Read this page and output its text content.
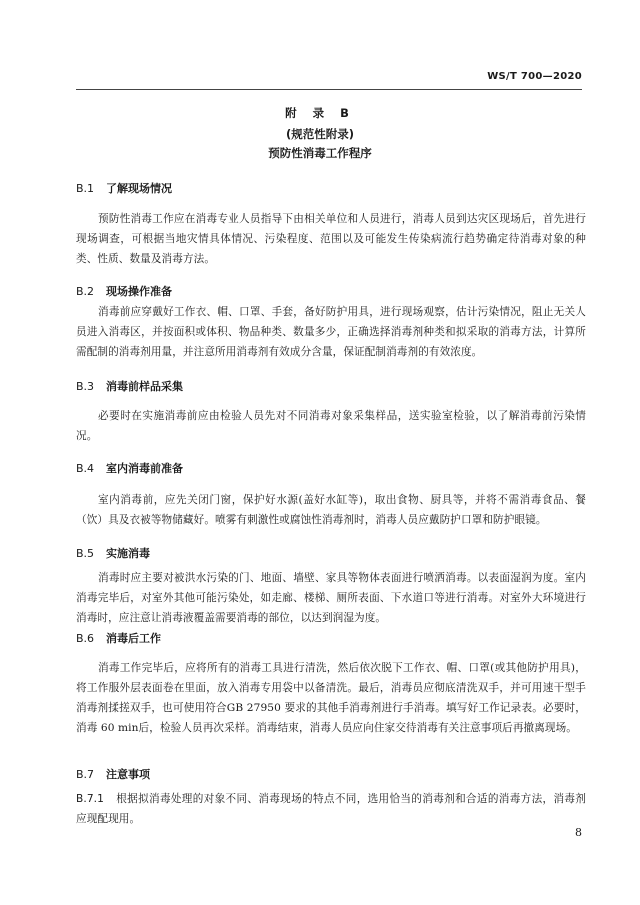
WS/T 700—2020
附 录 B
(规范性附录)
预防性消毒工作程序
B.1 了解现场情况
预防性消毒工作应在消毒专业人员指导下由相关单位和人员进行，消毒人员到达灾区现场后，首先进行现场调查，可根据当地灾情具体情况、污染程度、范围以及可能发生传染病流行趋势确定待消毒对象的种类、性质、数量及消毒方法。
B.2 现场操作准备
消毒前应穿戴好工作衣、帽、口罩、手套，备好防护用具，进行现场观察，估计污染情况，阻止无关人员进入消毒区，并按面积或体积、物品种类、数量多少，正确选择消毒剂种类和拟采取的消毒方法，计算所需配制的消毒剂用量，并注意所用消毒剂有效成分含量，保证配制消毒剂的有效浓度。
B.3 消毒前样品采集
必要时在实施消毒前应由检验人员先对不同消毒对象采集样品，送实验室检验，以了解消毒前污染情况。
B.4 室内消毒前准备
室内消毒前，应先关闭门窗，保护好水源(盖好水缸等)，取出食物、厨具等，并将不需消毒食品、餐（饮）具及衣被等物储藏好。喷雾有刺激性或腐蚀性消毒剂时，消毒人员应戴防护口罩和防护眼镜。
B.5 实施消毒
消毒时应主要对被洪水污染的门、地面、墙壁、家具等物体表面进行喷洒消毒。以表面湿润为度。室内消毒完毕后，对室外其他可能污染处，如走廊、楼梯、厕所表面、下水道口等进行消毒。对室外大环境进行消毒时，应注意让消毒液覆盖需要消毒的部位，以达到润湿为度。
B.6 消毒后工作
消毒工作完毕后，应将所有的消毒工具进行清洗，然后依次脱下工作衣、帽、口罩(或其他防护用具)，将工作服外层表面卷在里面，放入消毒专用袋中以备清洗。最后，消毒员应彻底清洗双手，并可用速干型手消毒剂揉搓双手，也可使用符合GB 27950 要求的其他手消毒剂进行手消毒。填写好工作记录表。必要时，消毒 60 min后，检验人员再次采样。消毒结束，消毒人员应向住家交待消毒有关注意事项后再撤离现场。
B.7 注意事项
B.7.1 根据拟消毒处理的对象不同、消毒现场的特点不同，选用恰当的消毒剂和合适的消毒方法，消毒剂应现配现用。
8
